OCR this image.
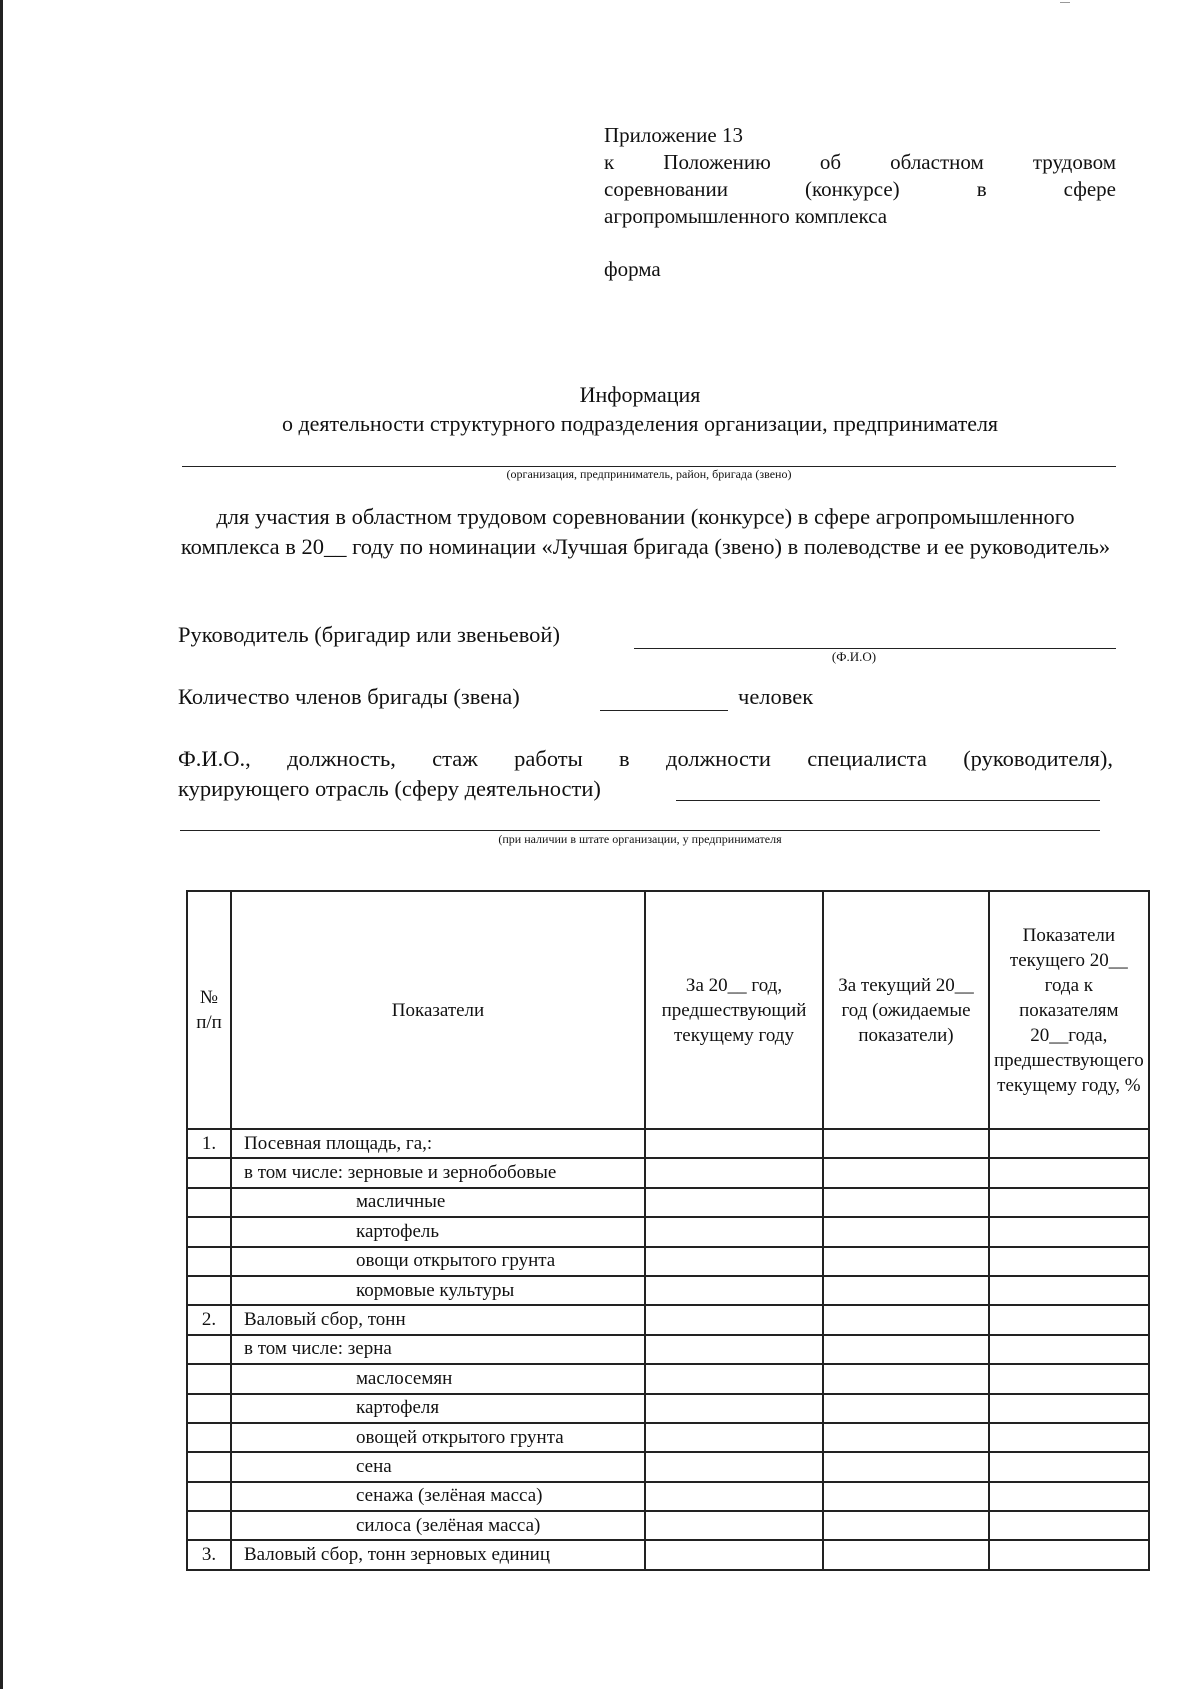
Приложение 13
к Положению об областном трудовом
соревновании (конкурсе) в сфере
агропромышленного комплекса
форма
Информация
о деятельности структурного подразделения организации, предпринимателя
(организация, предприниматель, район, бригада (звено)
для участия в областном трудовом соревновании (конкурсе) в сфере агропромышленного комплекса в 20__ году по номинации «Лучшая бригада (звено) в полеводстве и ее руководитель»
Руководитель (бригадир или звеньевой)
(Ф.И.О)
Количество членов бригады (звена)	человек
Ф.И.О., должность, стаж работы в должности специалиста (руководителя),
курирующего отрасль (сферу деятельности)
(при наличии в штате организации, у предпринимателя
№ п/п	Показатели	За 20__ год, предшествующий текущему году	За текущий 20__ год (ожидаемые показатели)	Показатели текущего 20__ года к показателям 20__года, предшествующего текущему году, %
1.	Посевная площадь, га,:			
	в том числе: зерновые и зернобобовые			
	масличные			
	картофель			
	овощи открытого грунта			
	кормовые культуры			
2.	Валовый сбор, тонн			
	в том числе: зерна			
	маслосемян			
	картофеля			
	овощей открытого грунта			
	сена			
	сенажа (зелёная масса)			
	силоса (зелёная масса)			
3.	Валовый сбор, тонн зерновых единиц			
